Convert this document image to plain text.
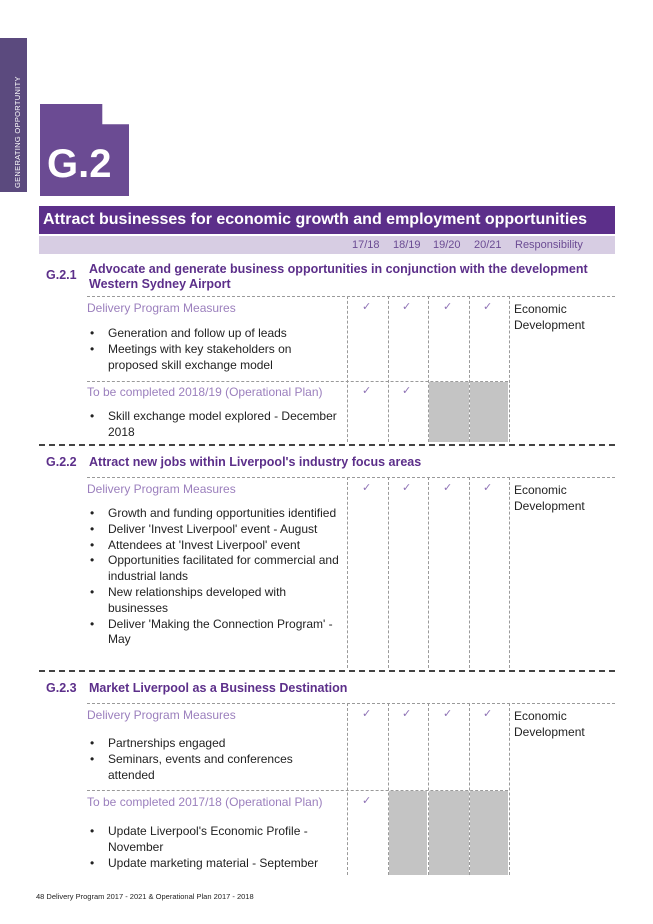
GENERATING OPPORTUNITY G.2
Attract businesses for economic growth and employment opportunities
17/18 18/19 19/20 20/21 Responsibility
G.2.1 Advocate and generate business opportunities in conjunction with the development Western Sydney Airport
Delivery Program Measures
• Generation and follow up of leads
• Meetings with key stakeholders on proposed skill exchange model
✓	✓	✓	✓ Economic Development
To be completed 2018/19 (Operational Plan)
• Skill exchange model explored - December 2018
✓	✓
G.2.2 Attract new jobs within Liverpool's industry focus areas
Delivery Program Measures
• Growth and funding opportunities identified
• Deliver 'Invest Liverpool' event - August
• Attendees at 'Invest Liverpool' event
• Opportunities facilitated for commercial and industrial lands
• New relationships developed with businesses
• Deliver 'Making the Connection Program' - May
✓	✓	✓	✓ Economic Development
G.2.3 Market Liverpool as a Business Destination
Delivery Program Measures
• Partnerships engaged
• Seminars, events and conferences attended
✓	✓	✓	✓ Economic Development
To be completed 2017/18 (Operational Plan)
• Update Liverpool's Economic Profile - November
• Update marketing material - September
✓
48 Delivery Program 2017 - 2021 & Operational Plan 2017 - 2018
